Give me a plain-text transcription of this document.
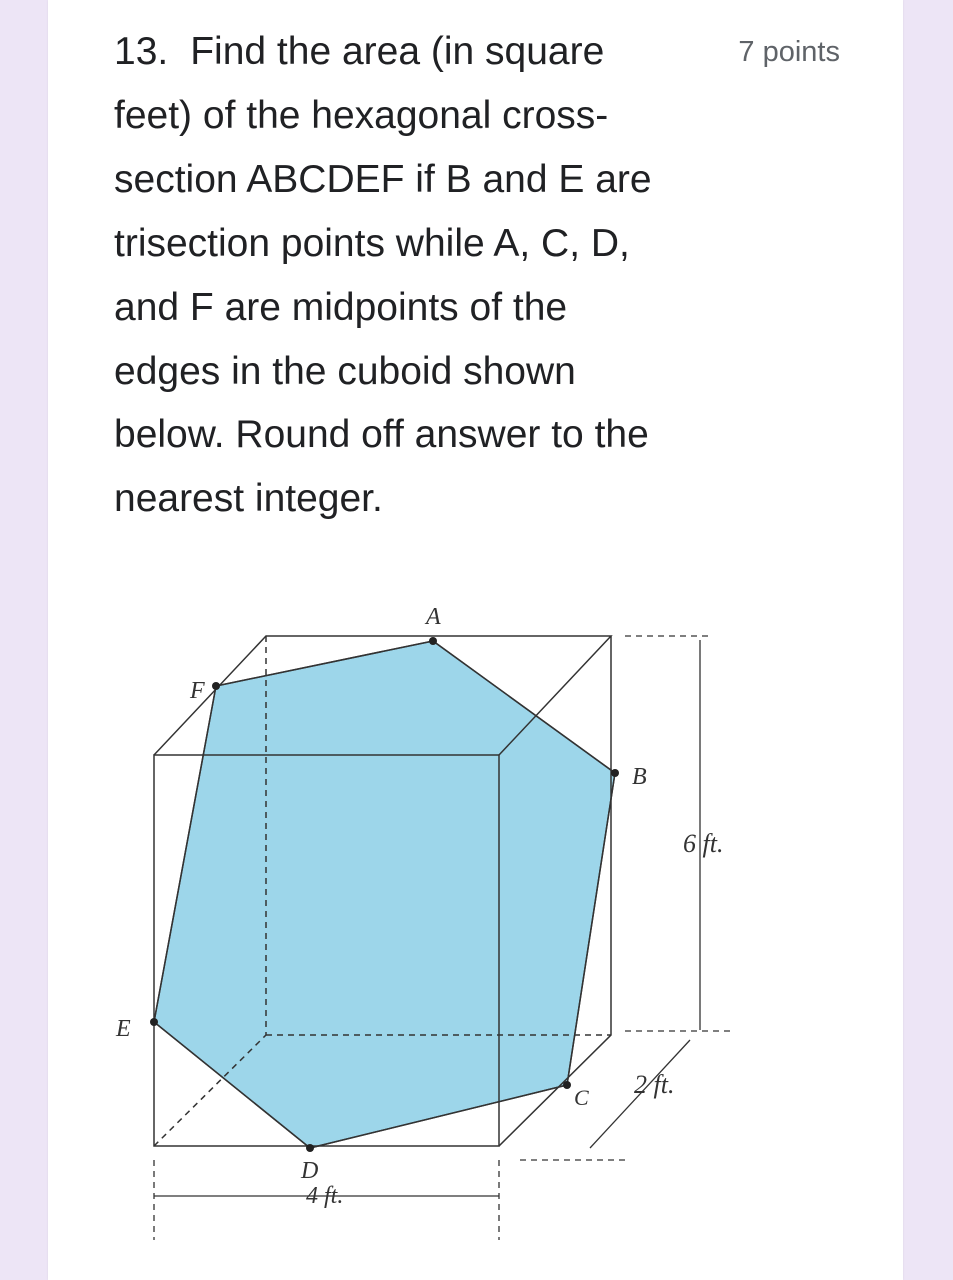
13. Find the area (in square
feet) of the hexagonal cross-
section ABCDEF if B and E are
trisection points while A, C, D,
and F are midpoints of the
edges in the cuboid shown
below. Round off answer to the
nearest integer.

7 points
A
B
C
D
E
F
6 ft.
2 ft.
4 ft.
